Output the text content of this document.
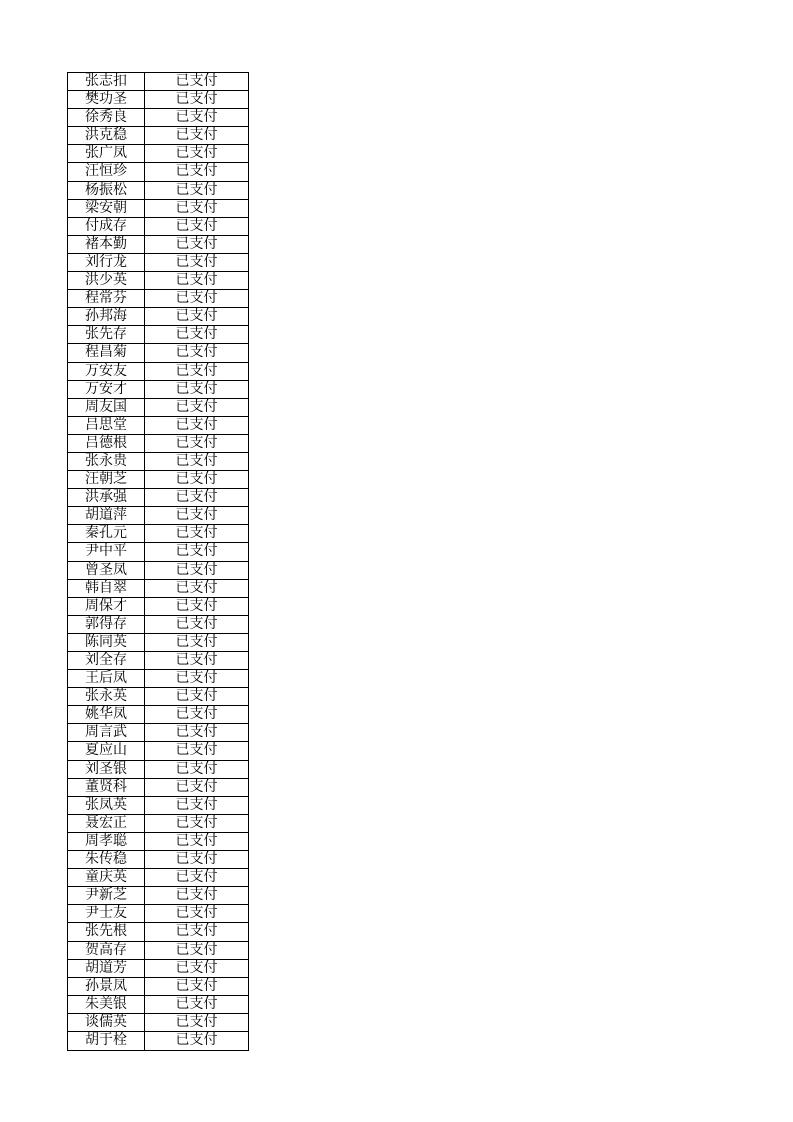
张志扣	已支付
樊功圣	已支付
徐秀良	已支付
洪克稳	已支付
张广凤	已支付
汪恒珍	已支付
杨振松	已支付
梁安朝	已支付
付成存	已支付
褚本勤	已支付
刘行龙	已支付
洪少英	已支付
程常芬	已支付
孙邦海	已支付
张先存	已支付
程昌菊	已支付
万安友	已支付
万安才	已支付
周友国	已支付
吕思堂	已支付
吕德根	已支付
张永贵	已支付
汪朝芝	已支付
洪承强	已支付
胡道萍	已支付
秦孔元	已支付
尹中平	已支付
曾圣凤	已支付
韩自翠	已支付
周保才	已支付
郭得存	已支付
陈同英	已支付
刘全存	已支付
王后凤	已支付
张永英	已支付
姚华凤	已支付
周言武	已支付
夏应山	已支付
刘圣银	已支付
董贤科	已支付
张凤英	已支付
聂宏正	已支付
周孝聪	已支付
朱传稳	已支付
童庆英	已支付
尹新芝	已支付
尹士友	已支付
张先根	已支付
贺高存	已支付
胡道芳	已支付
孙景凤	已支付
朱美银	已支付
谈儒英	已支付
胡于栓	已支付
